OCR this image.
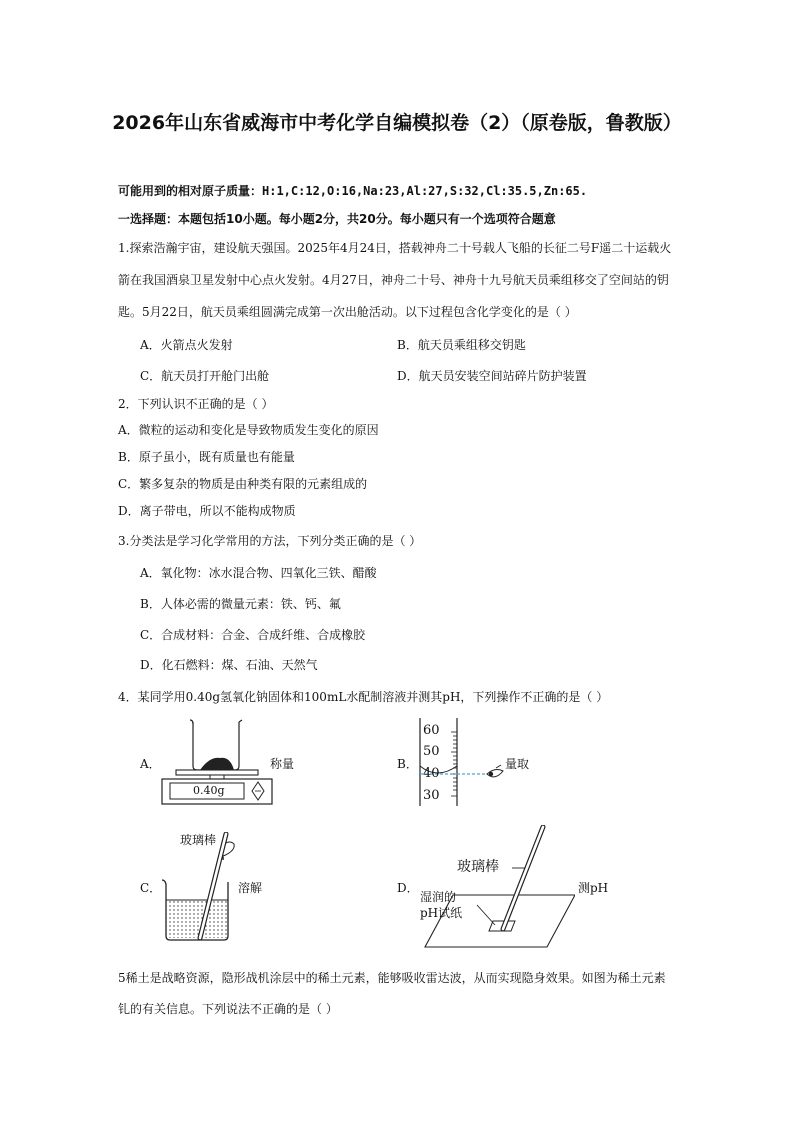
2026年山东省威海市中考化学自编模拟卷（2）（原卷版，鲁教版）
可能用到的相对原子质量：H:1,C:12,O:16,Na:23,Al:27,S:32,Cl:35.5,Zn:65.
一选择题：本题包括10小题。每小题2分，共20分。每小题只有一个选项符合题意
1.探索浩瀚宇宙，建设航天强国。2025年4月24日，搭载神舟二十号载人飞船的长征二号F遥二十运载火
箭在我国酒泉卫星发射中心点火发射。4月27日，神舟二十号、神舟十九号航天员乘组移交了空间站的钥
匙。5月22日，航天员乘组圆满完成第一次出舱活动。以下过程包含化学变化的是（ ）
A．火箭点火发射	B．航天员乘组移交钥匙
C．航天员打开舱门出舱	D．航天员安装空间站碎片防护装置
2．下列认识不正确的是（ ）
A．微粒的运动和变化是导致物质发生变化的原因
B．原子虽小，既有质量也有能量
C．繁多复杂的物质是由种类有限的元素组成的
D．离子带电，所以不能构成物质
3.分类法是学习化学常用的方法，下列分类正确的是（ ）
A．氧化物：冰水混合物、四氧化三铁、醋酸
B．人体必需的微量元素：铁、钙、氟
C．合成材料：合金、合成纤维、合成橡胶
D．化石燃料：煤、石油、天然气
4．某同学用0.40g氢氧化钠固体和100mL水配制溶液并测其pH，下列操作不正确的是（ ）
A．
0.40g
称量	B．
60
50
40
30
量取
玻璃棒
C．	溶解	D．
玻璃棒
湿润的
pH试纸
测pH
5稀土是战略资源，隐形战机涂层中的稀土元素，能够吸收雷达波，从而实现隐身效果。如图为稀土元素
钆的有关信息。下列说法不正确的是（ ）
